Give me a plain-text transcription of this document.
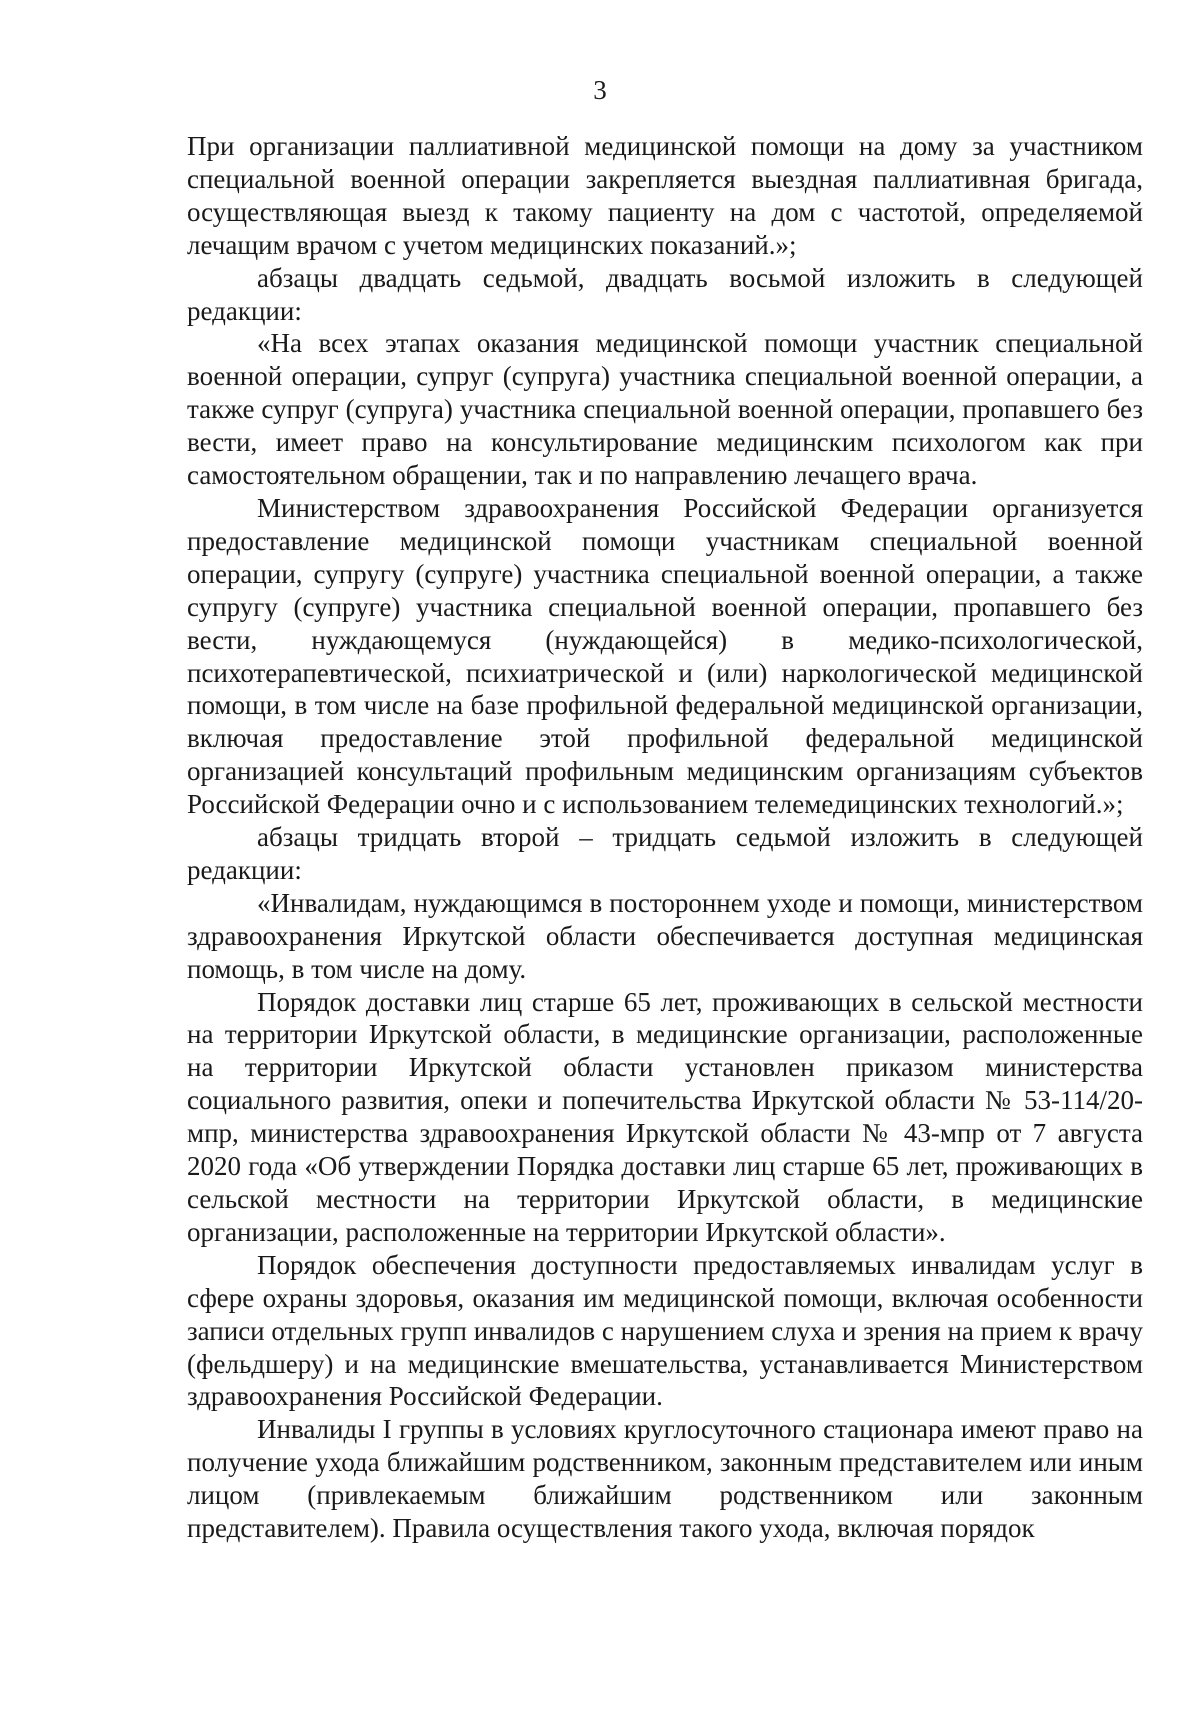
3

При организации паллиативной медицинской помощи на дому за участником специальной военной операции закрепляется выездная паллиативная бригада, осуществляющая выезд к такому пациенту на дом с частотой, определяемой лечащим врачом с учетом медицинских показаний.»;

абзацы двадцать седьмой, двадцать восьмой изложить в следующей редакции:

«На всех этапах оказания медицинской помощи участник специальной военной операции, супруг (супруга) участника специальной военной операции, а также супруг (супруга) участника специальной военной операции, пропавшего без вести, имеет право на консультирование медицинским психологом как при самостоятельном обращении, так и по направлению лечащего врача.

Министерством здравоохранения Российской Федерации организуется предоставление медицинской помощи участникам специальной военной операции, супругу (супруге) участника специальной военной операции, а также супругу (супруге) участника специальной военной операции, пропавшего без вести, нуждающемуся (нуждающейся) в медико-психологической, психотерапевтической, психиатрической и (или) наркологической медицинской помощи, в том числе на базе профильной федеральной медицинской организации, включая предоставление этой профильной федеральной медицинской организацией консультаций профильным медицинским организациям субъектов Российской Федерации очно и с использованием телемедицинских технологий.»;

абзацы тридцать второй – тридцать седьмой изложить в следующей редакции:

«Инвалидам, нуждающимся в постороннем уходе и помощи, министерством здравоохранения Иркутской области обеспечивается доступная медицинская помощь, в том числе на дому.

Порядок доставки лиц старше 65 лет, проживающих в сельской местности на территории Иркутской области, в медицинские организации, расположенные на территории Иркутской области установлен приказом министерства социального развития, опеки и попечительства Иркутской области № 53-114/20-мпр, министерства здравоохранения Иркутской области № 43-мпр от 7 августа 2020 года «Об утверждении Порядка доставки лиц старше 65 лет, проживающих в сельской местности на территории Иркутской области, в медицинские организации, расположенные на территории Иркутской области».

Порядок обеспечения доступности предоставляемых инвалидам услуг в сфере охраны здоровья, оказания им медицинской помощи, включая особенности записи отдельных групп инвалидов с нарушением слуха и зрения на прием к врачу (фельдшеру) и на медицинские вмешательства, устанавливается Министерством здравоохранения Российской Федерации.

Инвалиды I группы в условиях круглосуточного стационара имеют право на получение ухода ближайшим родственником, законным представителем или иным лицом (привлекаемым ближайшим родственником или законным представителем). Правила осуществления такого ухода, включая порядок
